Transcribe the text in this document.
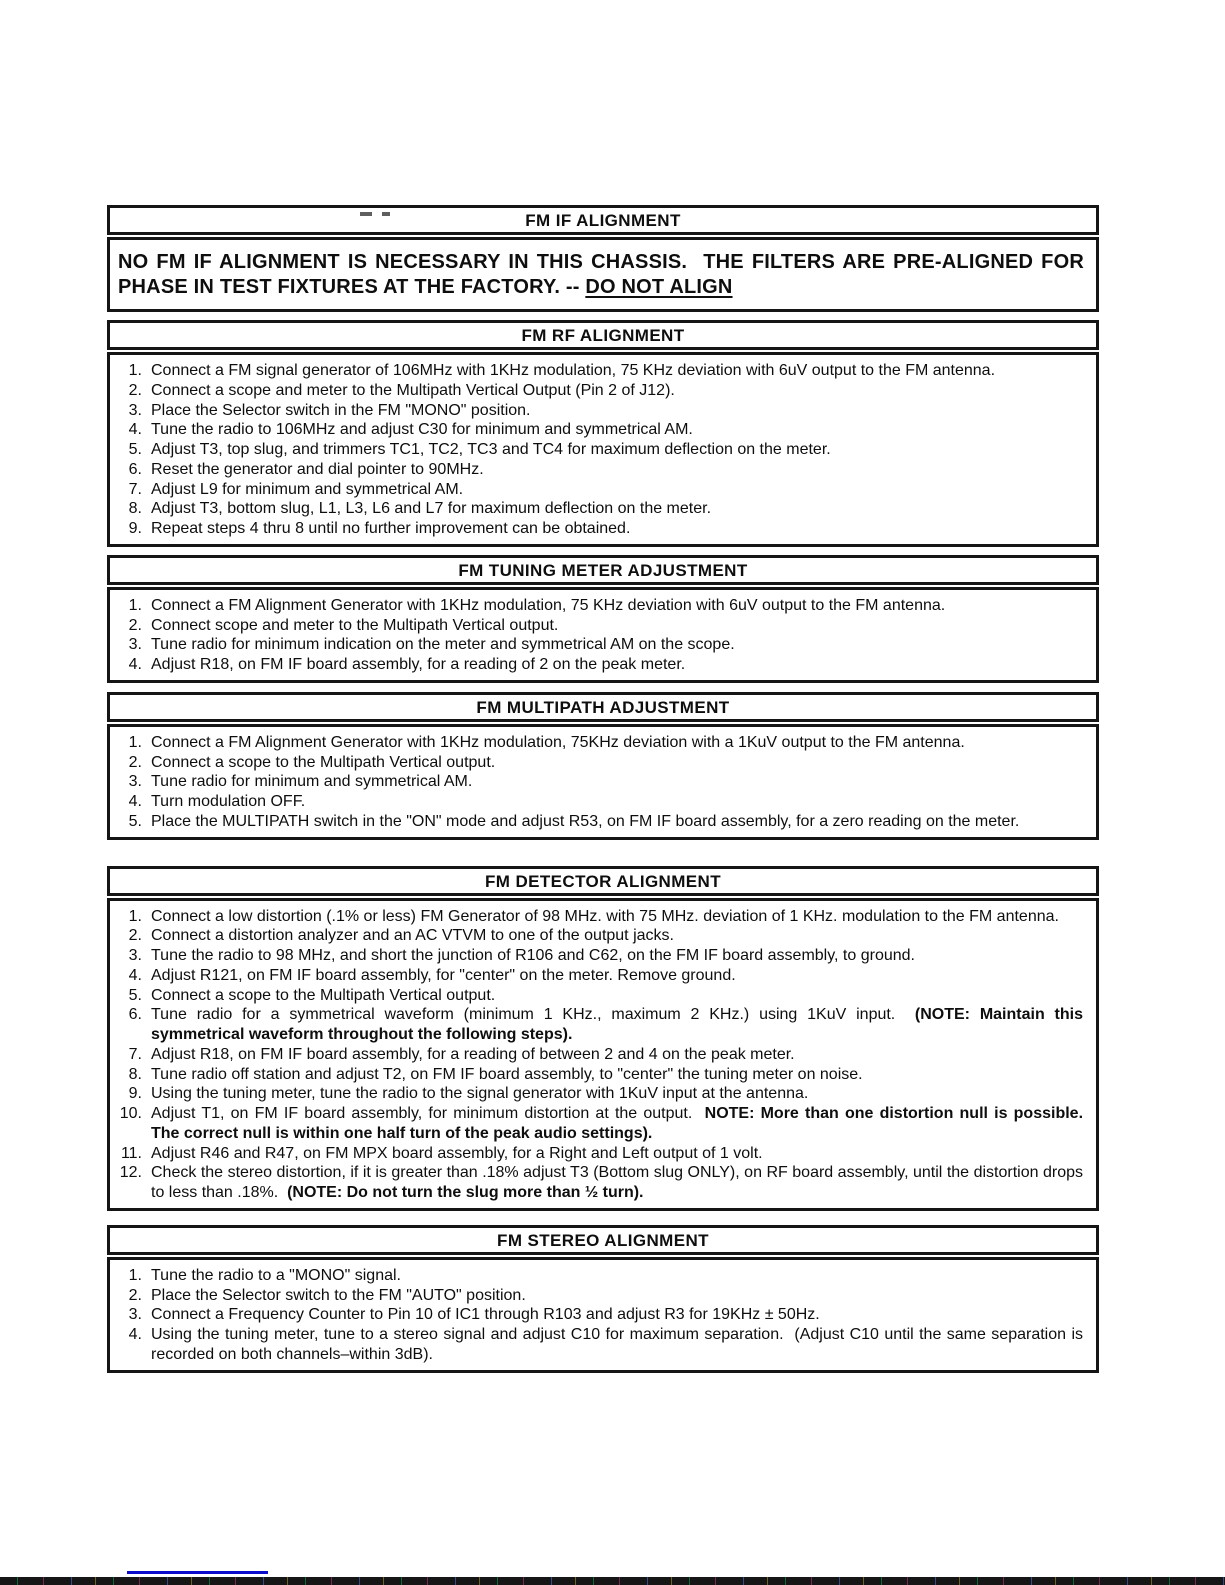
FM IF ALIGNMENT
NO FM IF ALIGNMENT IS NECESSARY IN THIS CHASSIS.  THE FILTERS ARE PRE-ALIGNED FOR PHASE IN TEST FIXTURES AT THE FACTORY. -- DO NOT ALIGN
FM RF ALIGNMENT
1. Connect a FM signal generator of 106MHz with 1KHz modulation, 75 KHz deviation with 6uV output to the FM antenna.
2. Connect a scope and meter to the Multipath Vertical Output (Pin 2 of J12).
3. Place the Selector switch in the FM "MONO" position.
4. Tune the radio to 106MHz and adjust C30 for minimum and symmetrical AM.
5. Adjust T3, top slug, and trimmers TC1, TC2, TC3 and TC4 for maximum deflection on the meter.
6. Reset the generator and dial pointer to 90MHz.
7. Adjust L9 for minimum and symmetrical AM.
8. Adjust T3, bottom slug, L1, L3, L6 and L7 for maximum deflection on the meter.
9. Repeat steps 4 thru 8 until no further improvement can be obtained.
FM TUNING METER ADJUSTMENT
1. Connect a FM Alignment Generator with 1KHz modulation, 75 KHz deviation with 6uV output to the FM antenna.
2. Connect scope and meter to the Multipath Vertical output.
3. Tune radio for minimum indication on the meter and symmetrical AM on the scope.
4. Adjust R18, on FM IF board assembly, for a reading of 2 on the peak meter.
FM MULTIPATH ADJUSTMENT
1. Connect a FM Alignment Generator with 1KHz modulation, 75KHz deviation with a 1KuV output to the FM antenna.
2. Connect a scope to the Multipath Vertical output.
3. Tune radio for minimum and symmetrical AM.
4. Turn modulation OFF.
5. Place the MULTIPATH switch in the "ON" mode and adjust R53, on FM IF board assembly, for a zero reading on the meter.
FM DETECTOR ALIGNMENT
1. Connect a low distortion (.1% or less) FM Generator of 98 MHz. with 75 MHz. deviation of 1 KHz. modulation to the FM antenna.
2. Connect a distortion analyzer and an AC VTVM to one of the output jacks.
3. Tune the radio to 98 MHz, and short the junction of R106 and C62, on the FM IF board assembly, to ground.
4. Adjust R121, on FM IF board assembly, for "center" on the meter. Remove ground.
5. Connect a scope to the Multipath Vertical output.
6. Tune radio for a symmetrical waveform (minimum 1 KHz., maximum 2 KHz.) using 1KuV input.  (NOTE: Maintain this symmetrical waveform throughout the following steps).
7. Adjust R18, on FM IF board assembly, for a reading of between 2 and 4 on the peak meter.
8. Tune radio off station and adjust T2, on FM IF board assembly, to "center" the tuning meter on noise.
9. Using the tuning meter, tune the radio to the signal generator with 1KuV input at the antenna.
10. Adjust T1, on FM IF board assembly, for minimum distortion at the output.  NOTE: More than one distortion null is possible.  The correct null is within one half turn of the peak audio settings).
11. Adjust R46 and R47, on FM MPX board assembly, for a Right and Left output of 1 volt.
12. Check the stereo distortion, if it is greater than .18% adjust T3 (Bottom slug ONLY), on RF board assembly, until the distortion drops to less than .18%.  (NOTE: Do not turn the slug more than ½ turn).
FM STEREO ALIGNMENT
1. Tune the radio to a "MONO" signal.
2. Place the Selector switch to the FM "AUTO" position.
3. Connect a Frequency Counter to Pin 10 of IC1 through R103 and adjust R3 for 19KHz ± 50Hz.
4. Using the tuning meter, tune to a stereo signal and adjust C10 for maximum separation.  (Adjust C10 until the same separation is recorded on both channels–within 3dB).
